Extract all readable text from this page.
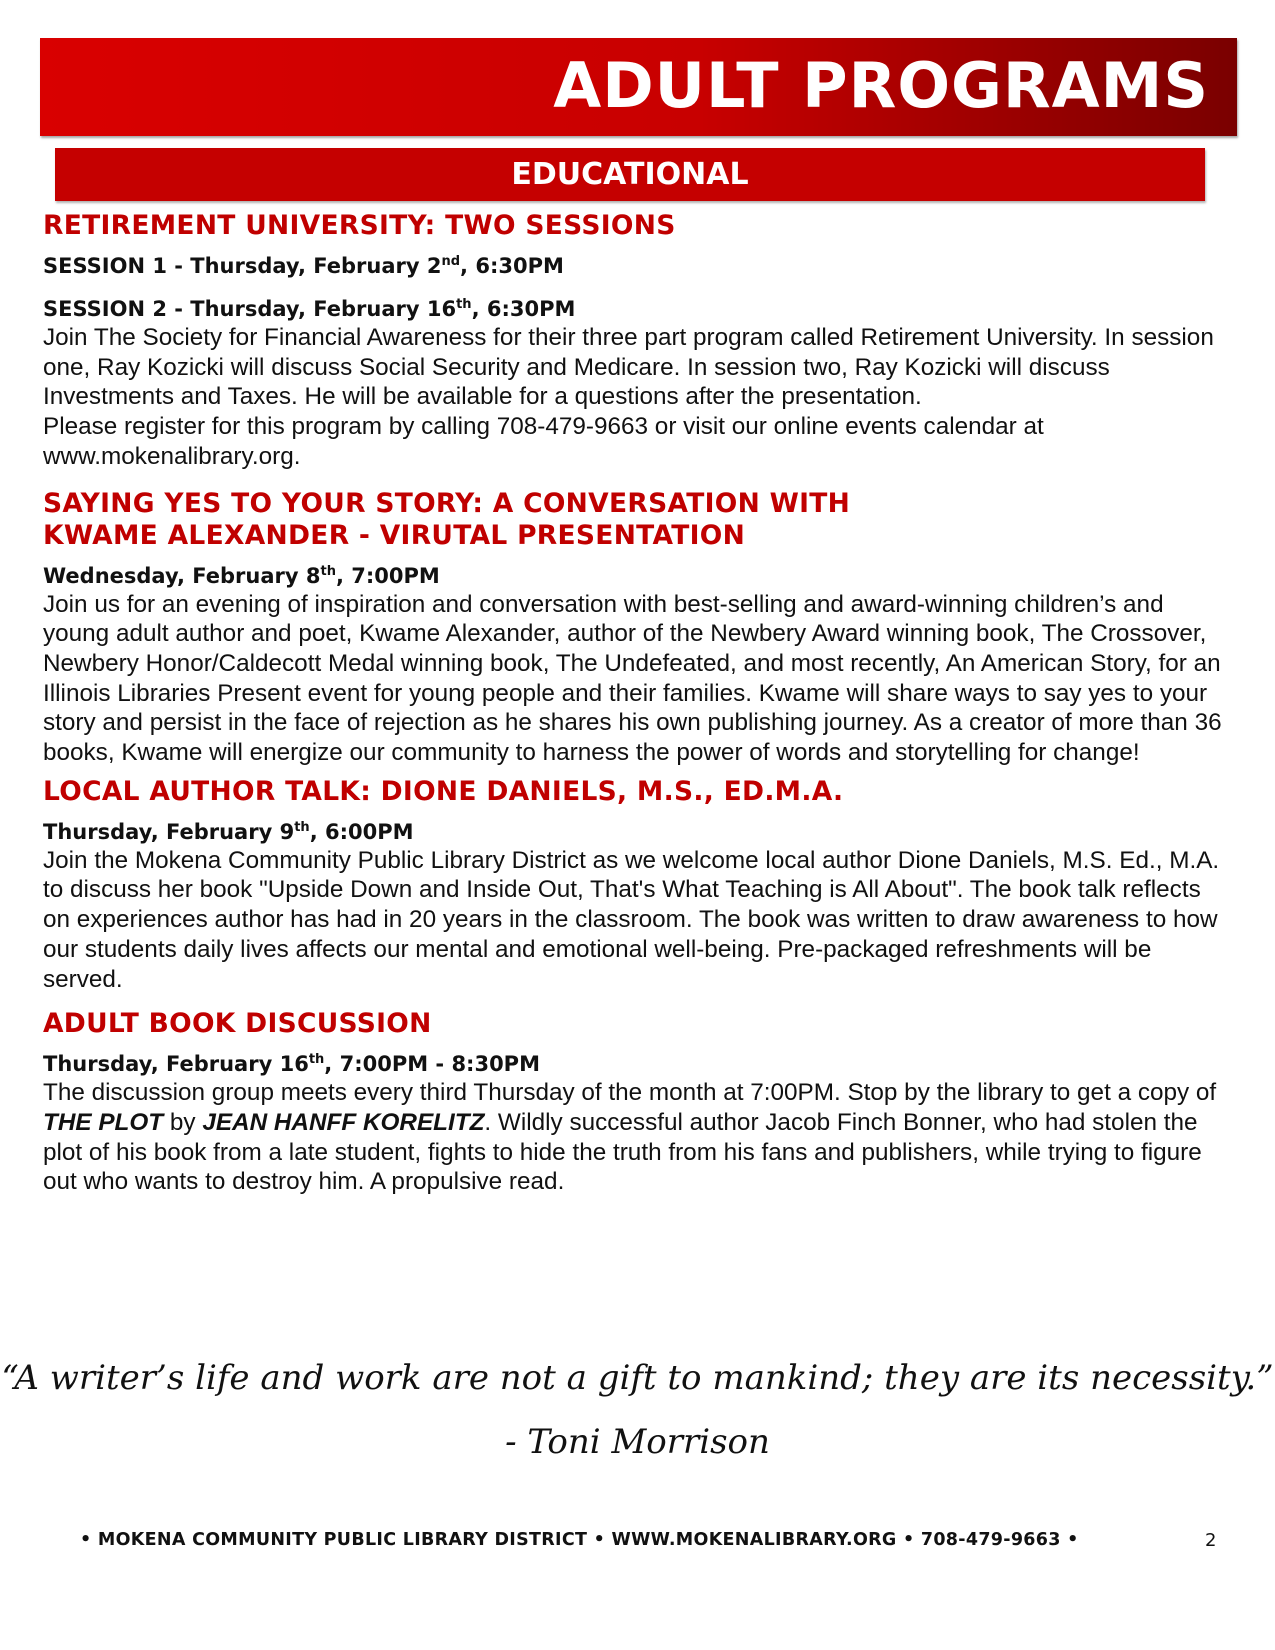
ADULT PROGRAMS
EDUCATIONAL
RETIREMENT UNIVERSITY: TWO SESSIONS
SESSION 1 - Thursday, February 2nd, 6:30PM
SESSION 2 - Thursday, February 16th, 6:30PM
Join The Society for Financial Awareness for their three part program called Retirement University. In session one, Ray Kozicki will discuss Social Security and Medicare. In session two, Ray Kozicki will discuss Investments and Taxes. He will be available for a questions after the presentation.
Please register for this program by calling 708-479-9663 or visit our online events calendar at www.mokenalibrary.org.
SAYING YES TO YOUR STORY: A CONVERSATION WITH
KWAME ALEXANDER - VIRUTAL PRESENTATION
Wednesday, February 8th, 7:00PM
Join us for an evening of inspiration and conversation with best-selling and award-winning children’s and young adult author and poet, Kwame Alexander, author of the Newbery Award winning book, The Crossover, Newbery Honor/Caldecott Medal winning book, The Undefeated, and most recently, An American Story, for an Illinois Libraries Present event for young people and their families. Kwame will share ways to say yes to your story and persist in the face of rejection as he shares his own publishing journey. As a creator of more than 36 books, Kwame will energize our community to harness the power of words and storytelling for change!
LOCAL AUTHOR TALK: DIONE DANIELS, M.S., ED.M.A.
Thursday, February 9th, 6:00PM
Join the Mokena Community Public Library District as we welcome local author Dione Daniels, M.S. Ed., M.A. to discuss her book "Upside Down and Inside Out, That's What Teaching is All About". The book talk reflects on experiences author has had in 20 years in the classroom. The book was written to draw awareness to how our students daily lives affects our mental and emotional well-being. Pre-packaged refreshments will be served.
ADULT BOOK DISCUSSION
Thursday, February 16th, 7:00PM - 8:30PM
The discussion group meets every third Thursday of the month at 7:00PM. Stop by the library to get a copy of THE PLOT by JEAN HANFF KORELITZ. Wildly successful author Jacob Finch Bonner, who had stolen the plot of his book from a late student, fights to hide the truth from his fans and publishers, while trying to figure out who wants to destroy him. A propulsive read.
“A writer’s life and work are not a gift to mankind; they are its necessity.”
- Toni Morrison
• MOKENA COMMUNITY PUBLIC LIBRARY DISTRICT • WWW.MOKENALIBRARY.ORG • 708-479-9663 •	2
